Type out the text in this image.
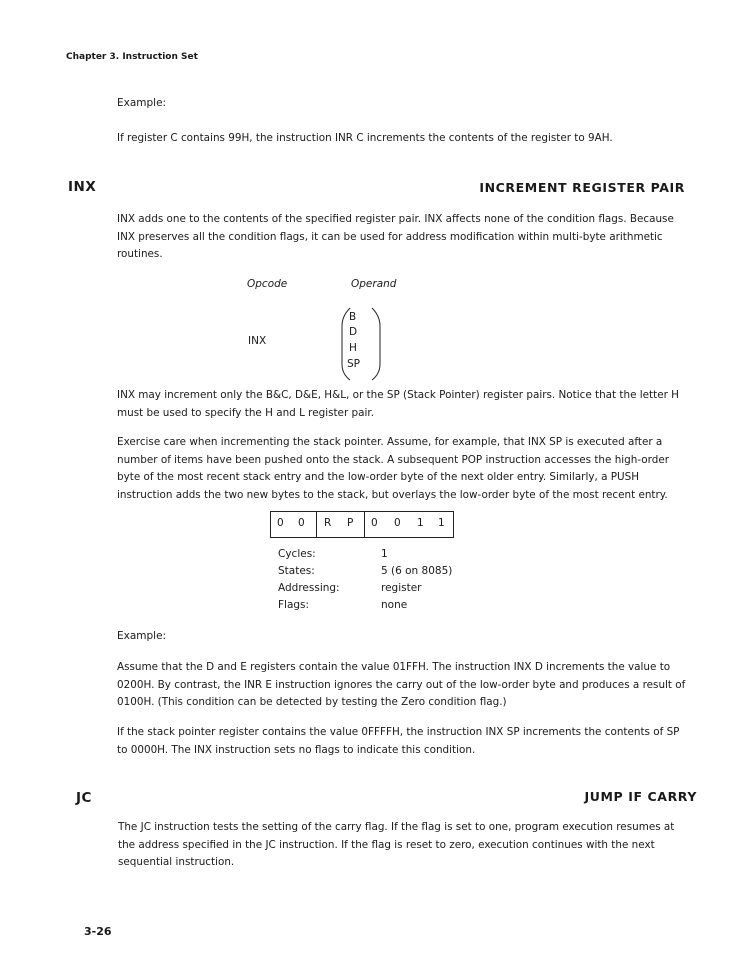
Chapter 3. Instruction Set
Example:
If register C contains 99H, the instruction INR C increments the contents of the register to 9AH.
INX	INCREMENT REGISTER PAIR
INX adds one to the contents of the specified register pair. INX affects none of the condition flags. Because INX preserves all the condition flags, it can be used for address modification within multi-byte arithmetic routines.
Opcode	Operand
INX
B
D
H
SP
INX may increment only the B&C, D&E, H&L, or the SP (Stack Pointer) register pairs. Notice that the letter H must be used to specify the H and L register pair.
Exercise care when incrementing the stack pointer. Assume, for example, that INX SP is executed after a number of items have been pushed onto the stack. A subsequent POP instruction accesses the high-order byte of the most recent stack entry and the low-order byte of the next older entry. Similarly, a PUSH instruction adds the two new bytes to the stack, but overlays the low-order byte of the most recent entry.
0 0 R P 0 0 1 1
Cycles:	1
States:	5 (6 on 8085)
Addressing:	register
Flags:	none
Example:
Assume that the D and E registers contain the value 01FFH. The instruction INX D increments the value to 0200H. By contrast, the INR E instruction ignores the carry out of the low-order byte and produces a result of 0100H. (This condition can be detected by testing the Zero condition flag.)
If the stack pointer register contains the value 0FFFFH, the instruction INX SP increments the contents of SP to 0000H. The INX instruction sets no flags to indicate this condition.
JC	JUMP IF CARRY
The JC instruction tests the setting of the carry flag. If the flag is set to one, program execution resumes at the address specified in the JC instruction. If the flag is reset to zero, execution continues with the next sequential instruction.
3-26
